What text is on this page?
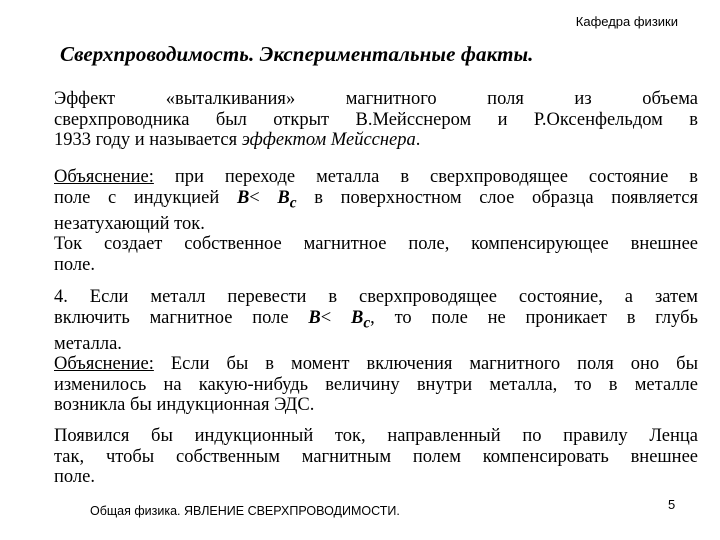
Кафедра физики
Сверхпроводимость. Экспериментальные факты.
Эффект «выталкивания» магнитного поля из объема
сверхпроводника был открыт В.Мейсснером и Р.Оксенфельдом в
1933 году и называется эффектом Мейсснера.
Объяснение: при переходе металла в сверхпроводящее состояние в
поле с индукцией $B< B_c$ в поверхностном слое образца появляется
незатухающий ток.
Ток создает собственное магнитное поле, компенсирующее внешнее
поле.
4. Если металл перевести в сверхпроводящее состояние, а затем
включить магнитное поле $B< B_c$, то поле не проникает в глубь
металла.
Объяснение: Если бы в момент включения магнитного поля оно бы
изменилось на какую-нибудь величину внутри металла, то в металле
возникла бы индукционная ЭДС.
Появился бы индукционный ток, направленный по правилу Ленца
так, чтобы собственным магнитным полем компенсировать внешнее
поле.
Общая физика. ЯВЛЕНИЕ СВЕРХПРОВОДИМОСТИ.	5
